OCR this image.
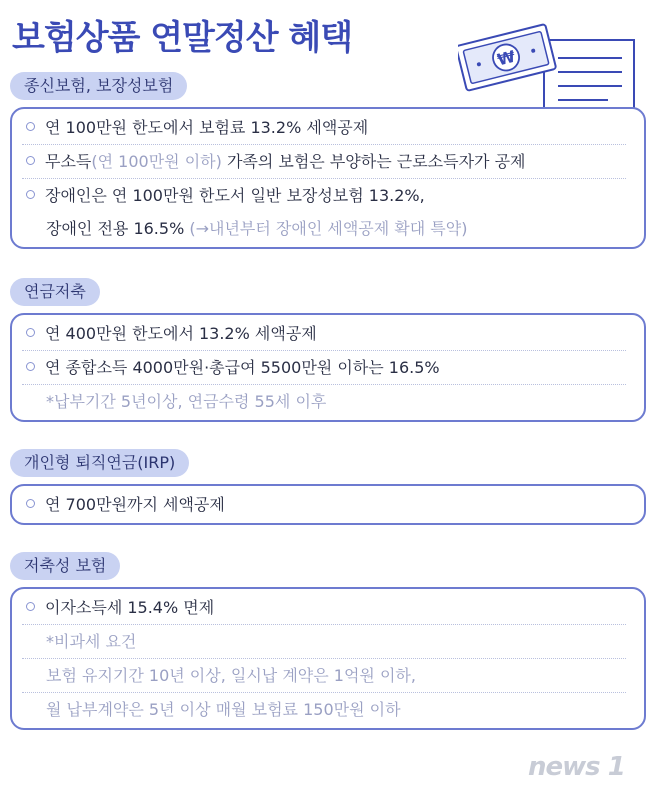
보험상품 연말정산 혜택	₩
종신보험, 보장성보험
연 100만원 한도에서 보험료 13.2% 세액공제
무소득(연 100만원 이하) 가족의 보험은 부양하는 근로소득자가 공제
장애인은 연 100만원 한도서 일반 보장성보험 13.2%,
장애인 전용 16.5% (→내년부터 장애인 세액공제 확대 특약)
연금저축
연 400만원 한도에서 13.2% 세액공제
연 종합소득 4000만원·총급여 5500만원 이하는 16.5%
*납부기간 5년이상, 연금수령 55세 이후
개인형 퇴직연금(IRP)
연 700만원까지 세액공제
저축성 보험
이자소득세 15.4% 면제
*비과세 요건
보험 유지기간 10년 이상, 일시납 계약은 1억원 이하,
월 납부계약은 5년 이상 매월 보험료 150만원 이하
news 1
